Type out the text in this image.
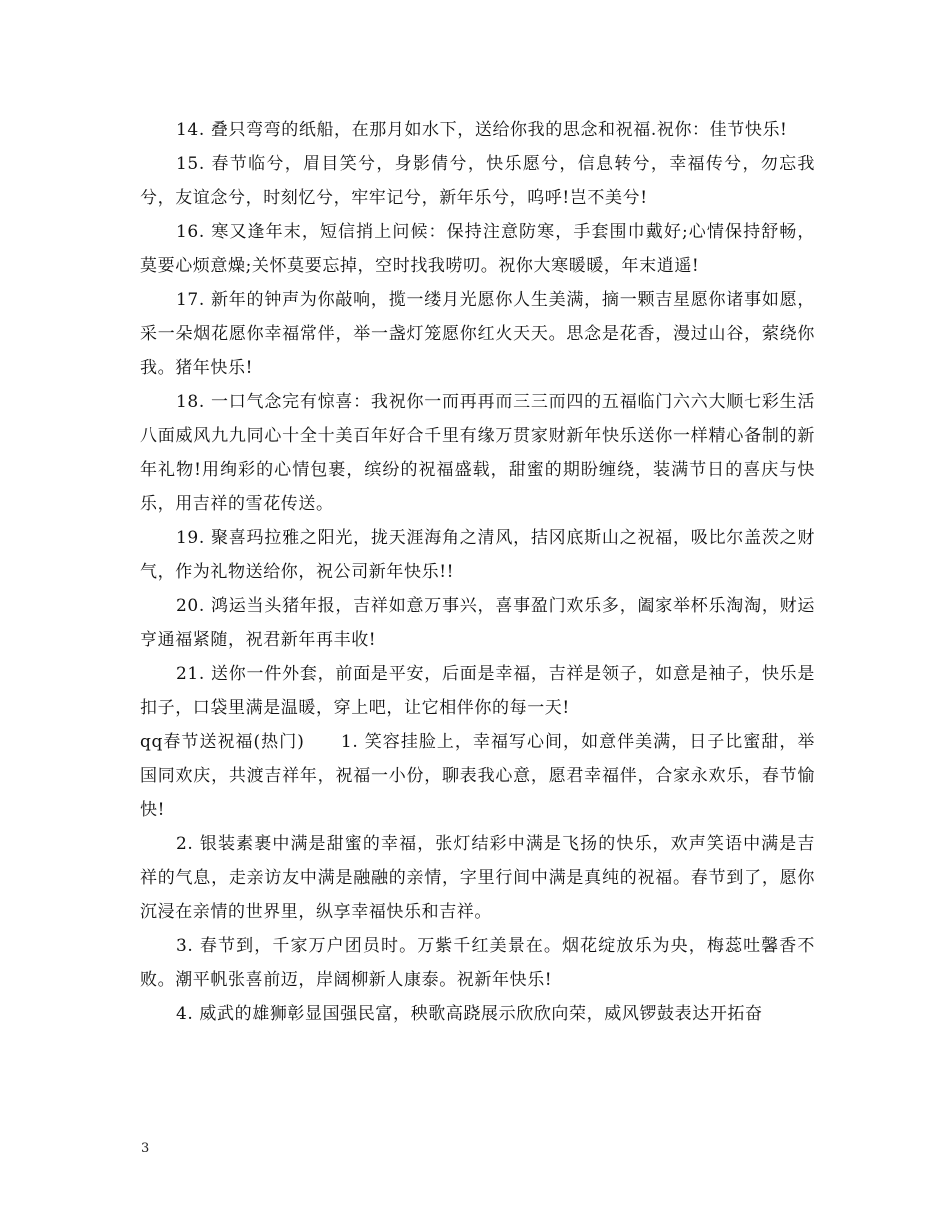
14. 叠只弯弯的纸船，在那月如水下，送给你我的思念和祝福.祝你：佳节快乐!

15. 春节临兮，眉目笑兮，身影倩兮，快乐愿兮，信息转兮，幸福传兮，勿忘我兮，友谊念兮，时刻忆兮，牢牢记兮，新年乐兮，呜呼!岂不美兮!

16. 寒又逢年末，短信捎上问候：保持注意防寒，手套围巾戴好;心情保持舒畅，莫要心烦意燥;关怀莫要忘掉，空时找我唠叨。祝你大寒暖暖，年末逍遥!

17. 新年的钟声为你敲响，揽一缕月光愿你人生美满，摘一颗吉星愿你诸事如愿，采一朵烟花愿你幸福常伴，举一盏灯笼愿你红火天天。思念是花香，漫过山谷，萦绕你我。猪年快乐!

18. 一口气念完有惊喜：我祝你一而再再而三三而四的五福临门六六大顺七彩生活八面威风九九同心十全十美百年好合千里有缘万贯家财新年快乐送你一样精心备制的新年礼物!用绚彩的心情包裹，缤纷的祝福盛载，甜蜜的期盼缠绕，装满节日的喜庆与快乐，用吉祥的雪花传送。

19. 聚喜玛拉雅之阳光，拢天涯海角之清风，拮冈底斯山之祝福，吸比尔盖茨之财气，作为礼物送给你，祝公司新年快乐!!

20. 鸿运当头猪年报，吉祥如意万事兴，喜事盈门欢乐多，阖家举杯乐淘淘，财运亨通福紧随，祝君新年再丰收!

21. 送你一件外套，前面是平安，后面是幸福，吉祥是领子，如意是袖子，快乐是扣子，口袋里满是温暖，穿上吧，让它相伴你的每一天!

qq春节送祝福(热门)　　1. 笑容挂脸上，幸福写心间，如意伴美满，日子比蜜甜，举国同欢庆，共渡吉祥年，祝福一小份，聊表我心意，愿君幸福伴，合家永欢乐，春节愉快!

2. 银装素裹中满是甜蜜的幸福，张灯结彩中满是飞扬的快乐，欢声笑语中满是吉祥的气息，走亲访友中满是融融的亲情，字里行间中满是真纯的祝福。春节到了，愿你沉浸在亲情的世界里，纵享幸福快乐和吉祥。

3. 春节到，千家万户团员时。万紫千红美景在。烟花绽放乐为央，梅蕊吐馨香不败。潮平帆张喜前迈，岸阔柳新人康泰。祝新年快乐!

4. 威武的雄狮彰显国强民富，秧歌高跷展示欣欣向荣，威风锣鼓表达开拓奋

3
